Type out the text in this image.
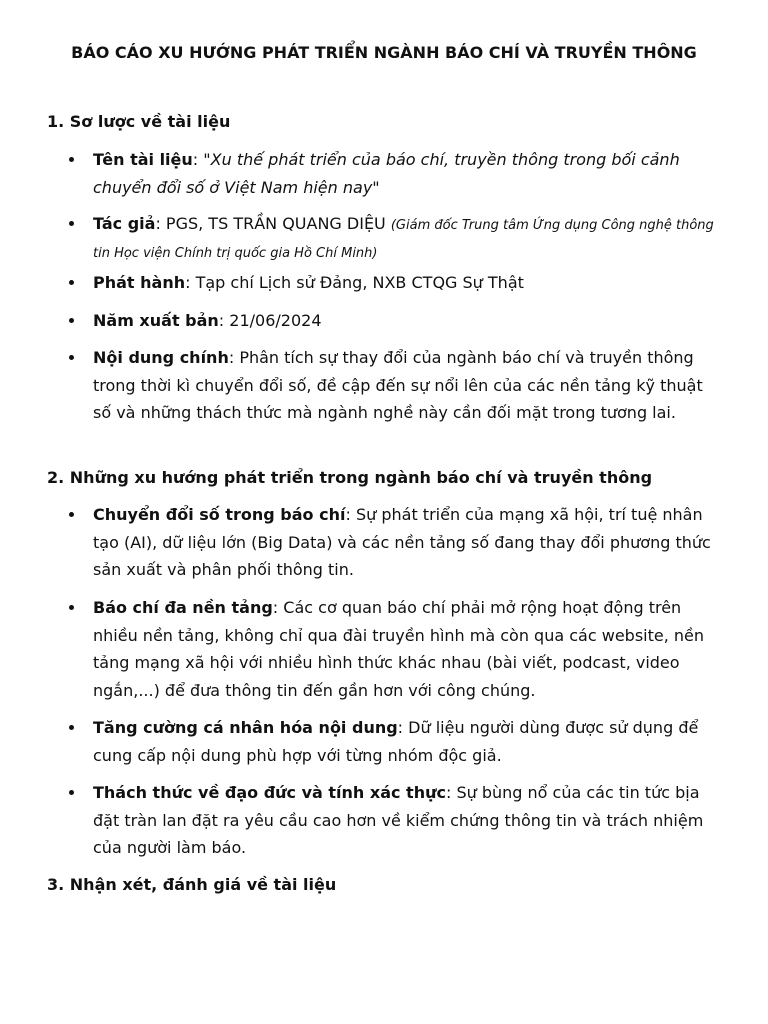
BÁO CÁO XU HƯỚNG PHÁT TRIỂN NGÀNH BÁO CHÍ VÀ TRUYỀN THÔNG
1. Sơ lược về tài liệu
Tên tài liệu: "Xu thế phát triển của báo chí, truyền thông trong bối cảnh chuyển đổi số ở Việt Nam hiện nay"
Tác giả: PGS, TS TRẦN QUANG DIỆU (Giám đốc Trung tâm Ứng dụng Công nghệ thông tin Học viện Chính trị quốc gia Hồ Chí Minh)
Phát hành: Tạp chí Lịch sử Đảng, NXB CTQG Sự Thật
Năm xuất bản: 21/06/2024
Nội dung chính: Phân tích sự thay đổi của ngành báo chí và truyền thông trong thời kì chuyển đổi số, đề cập đến sự nổi lên của các nền tảng kỹ thuật số và những thách thức mà ngành nghề này cần đối mặt trong tương lai.
2. Những xu hướng phát triển trong ngành báo chí và truyền thông
Chuyển đổi số trong báo chí: Sự phát triển của mạng xã hội, trí tuệ nhân tạo (AI), dữ liệu lớn (Big Data) và các nền tảng số đang thay đổi phương thức sản xuất và phân phối thông tin.
Báo chí đa nền tảng: Các cơ quan báo chí phải mở rộng hoạt động trên nhiều nền tảng, không chỉ qua đài truyền hình mà còn qua các website, nền tảng mạng xã hội với nhiều hình thức khác nhau (bài viết, podcast, video ngắn,...) để đưa thông tin đến gần hơn với công chúng.
Tăng cường cá nhân hóa nội dung: Dữ liệu người dùng được sử dụng để cung cấp nội dung phù hợp với từng nhóm độc giả.
Thách thức về đạo đức và tính xác thực: Sự bùng nổ của các tin tức bịa đặt tràn lan đặt ra yêu cầu cao hơn về kiểm chứng thông tin và trách nhiệm của người làm báo.
3. Nhận xét, đánh giá về tài liệu
